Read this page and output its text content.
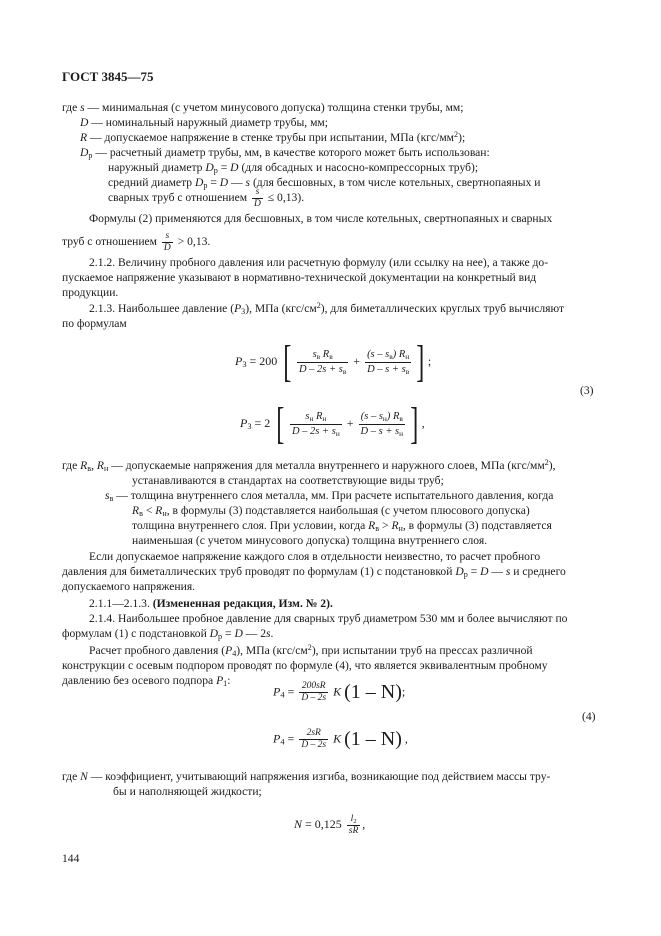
ГОСТ 3845—75
где s — минимальная (с учетом минусового допуска) толщина стенки трубы, мм;
D — номинальный наружный диаметр трубы, мм;
R — допускаемое напряжение в стенке трубы при испытании, МПа $(кгс/мм^2)$;
$D_р$ — расчетный диаметр трубы, мм, в качестве которого может быть использован:
наружный диаметр $D_р = D$ (для обсадных и насосно-компрессорных труб);
средний диаметр $D_р = D$ — s (для бесшовных, в том числе котельных, свертнопаяных и
сварных труб с отношением $\frac{s}{D} \le 0,13$).
Формулы (2) применяются для бесшовных, в том числе котельных, свертнопаяных и сварных
труб с отношением $\frac{s}{D} > 0,13$.
2.1.2. Величину пробного давления или расчетную формулу (или ссылку на нее), а также до-
пускаемое напряжение указывают в нормативно-технической документации на конкретный вид
продукции.
2.1.3. Наибольшее давление $(P_3)$, МПа $(кгс/см^2)$, для биметаллических круглых труб вычисляют
по формулам
$P_3 = 200$ [ $\frac{s_в R_в}{D - 2s + s_в} + \frac{(s - s_в) R_н}{D - s + s_в}$ ] ;
(3)
$P_3 = 2$ [ $\frac{s_н R_н}{D - 2s + s_н} + \frac{(s - s_н) R_в}{D - s + s_н}$ ] ,
где $R_в$, $R_н$ — допускаемые напряжения для металла внутреннего и наружного слоев, МПа $(кгс/мм^2)$,
устанавливаются в стандартах на соответствующие виды труб;
$s_в$ — толщина внутреннего слоя металла, мм. При расчете испытательного давления, когда
$R_в < R_н$, в формулы (3) подставляется наибольшая (с учетом плюсового допуска)
толщина внутреннего слоя. При условии, когда $R_в > R_н$, в формулы (3) подставляется
наименьшая (с учетом минусового допуска) толщина внутреннего слоя.
Если допускаемое напряжение каждого слоя в отдельности неизвестно, то расчет пробного
давления для биметаллических труб проводят по формулам (1) с подстановкой $D_р = D$ — s и среднего
допускаемого напряжения.
2.1.1—2.1.3. (Измененная редакция, Изм. № 2).
2.1.4. Наибольшее пробное давление для сварных труб диаметром 530 мм и более вычисляют по
формулам (1) с подстановкой $D_р = D$ — 2s.
Расчет пробного давления $(P_4)$, МПа $(кгс/см^2)$, при испытании труб на прессах различной
конструкции с осевым подпором проводят по формуле (4), что является эквивалентным пробному
давлению без осевого подпора $P_1$:
$P_4 = \frac{200sR}{D - 2s}$ K (1 – N);
(4)
$P_4 = \frac{2sR}{D - 2s}$ K (1 – N) ,
где N — коэффициент, учитывающий напряжения изгиба, возникающие под действием массы тру-
бы и наполняющей жидкости;
$N = 0,125 \frac{l_2}{sR}$ ,
144
